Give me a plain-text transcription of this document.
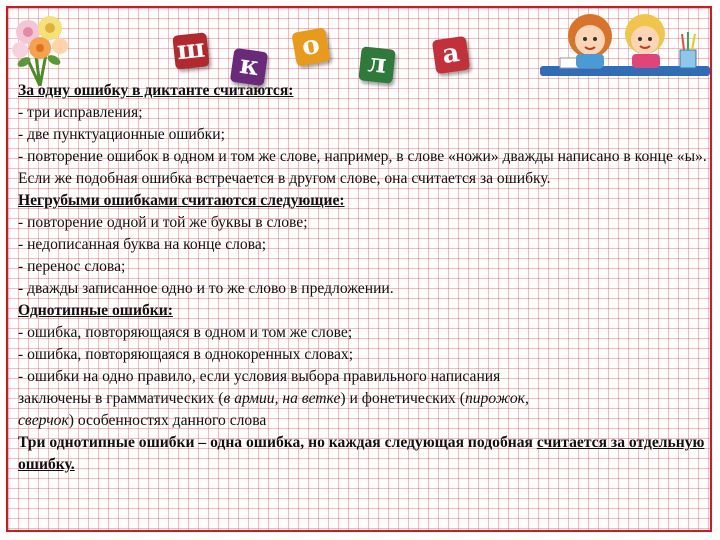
ш	к
о
л	а

За одну ошибку в диктанте считаются:

- три исправления;

- две пунктуационные ошибки;

- повторение ошибок в одном и том же слове, например, в слове «ножи» дважды написано в конце «ы». Если же подобная ошибка встречается в другом слове, она считается за ошибку.

Негрубыми ошибками считаются следующие:

- повторение одной и той же буквы в слове;

- недописанная буква на конце слова;

- перенос слова;

- дважды записанное одно и то же слово в предложении.

Однотипные ошибки:

- ошибка, повторяющаяся в одном и том же слове;

- ошибка, повторяющаяся в однокоренных словах;

- ошибки на одно правило, если условия выбора правильного написания

заключены в грамматических (в армии, на ветке) и фонетических (пирожок,

сверчок) особенностях данного слова

Три однотипные ошибки – одна ошибка, но каждая следующая подобная считается за отдельную ошибку.
